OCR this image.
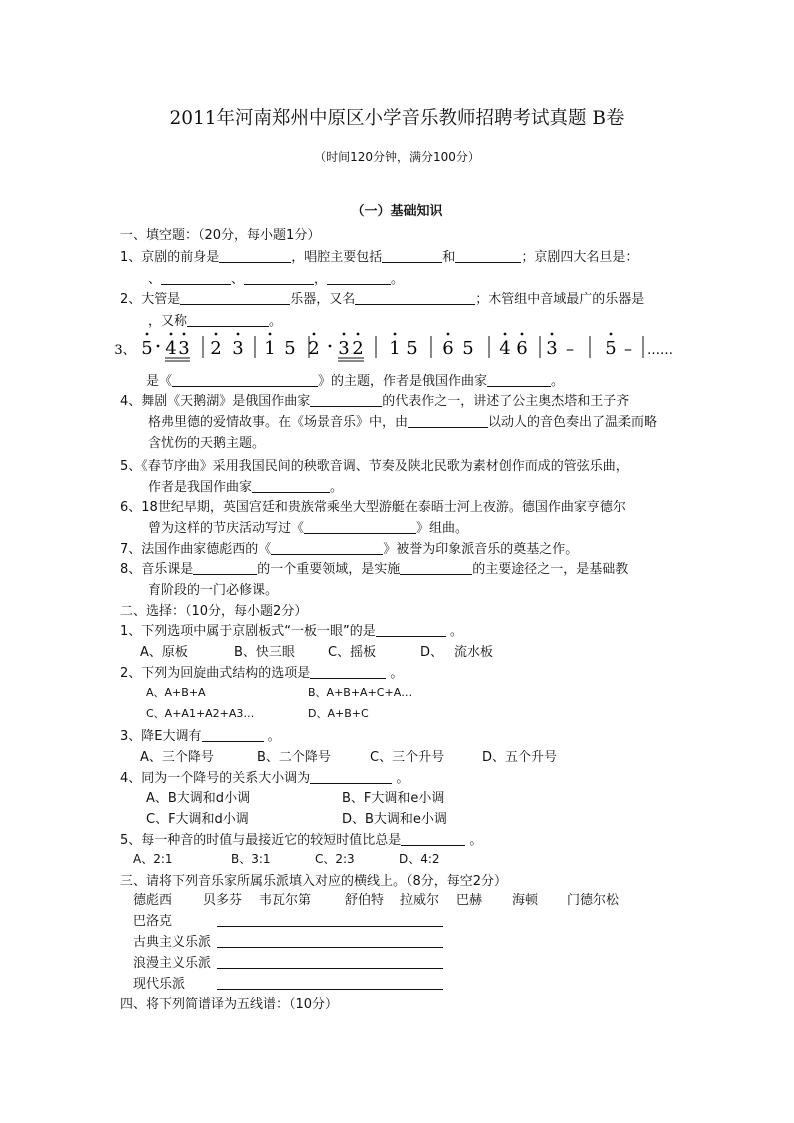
2011年河南郑州中原区小学音乐教师招聘考试真题 B卷
（时间120分钟，满分100分）
（一）基础知识
一、填空题：（20分，每小题1分）
1、京剧的前身是	，唱腔主要包括	和	；京剧四大名旦是：
、	、	，	。
2、大管是	乐器，又名	；木管组中音域最广的乐器是
，又称	。
3、 5 4 3 2 3 1 5 2 3 2 1 5 6 5 4 6 3 – 5 – ……
是《	》的主题，作者是俄国作曲家	。
4、舞剧《天鹅湖》是俄国作曲家	的代表作之一，讲述了公主奥杰塔和王子齐
格弗里德的爱情故事。在《场景音乐》中，由	以动人的音色奏出了温柔而略
含忧伤的天鹅主题。
5、《春节序曲》采用我国民间的秧歌音调、节奏及陕北民歌为素材创作而成的管弦乐曲，
作者是我国作曲家	。
6、18世纪早期，英国宫廷和贵族常乘坐大型游艇在泰晤士河上夜游。德国作曲家亨德尔
曾为这样的节庆活动写过《	》组曲。
7、法国作曲家德彪西的《	》被誉为印象派音乐的奠基之作。
8、音乐课是	的一个重要领域，是实施	的主要途径之一，是基础教
育阶段的一门必修课。
二、选择：（10分，每小题2分）
1、下列选项中属于京剧板式“一板一眼”的是	。
A、原板	B、快三眼	C、摇板	D、 流水板
2、下列为回旋曲式结构的选项是	。
A、A+B+A	B、A+B+A+C+A…
C、A+A1+A2+A3…	D、A+B+C
3、降E大调有	。
A、三个降号	B、二个降号	C、三个升号	D、五个升号
4、同为一个降号的关系大小调为	。
A、B大调和d小调	B、F大调和e小调
C、F大调和d小调	D、B大调和e小调
5、每一种音的时值与最接近它的较短时值比总是	。
A、2:1	B、3:1	C、2:3	D、4:2
三、请将下列音乐家所属乐派填入对应的横线上。（8分，每空2分）
德彪西 贝多芬 韦瓦尔第	舒伯特 拉威尔 巴赫 海顿 门德尔松
巴洛克
古典主义乐派
浪漫主义乐派
现代乐派
四、将下列简谱译为五线谱：（10分）
